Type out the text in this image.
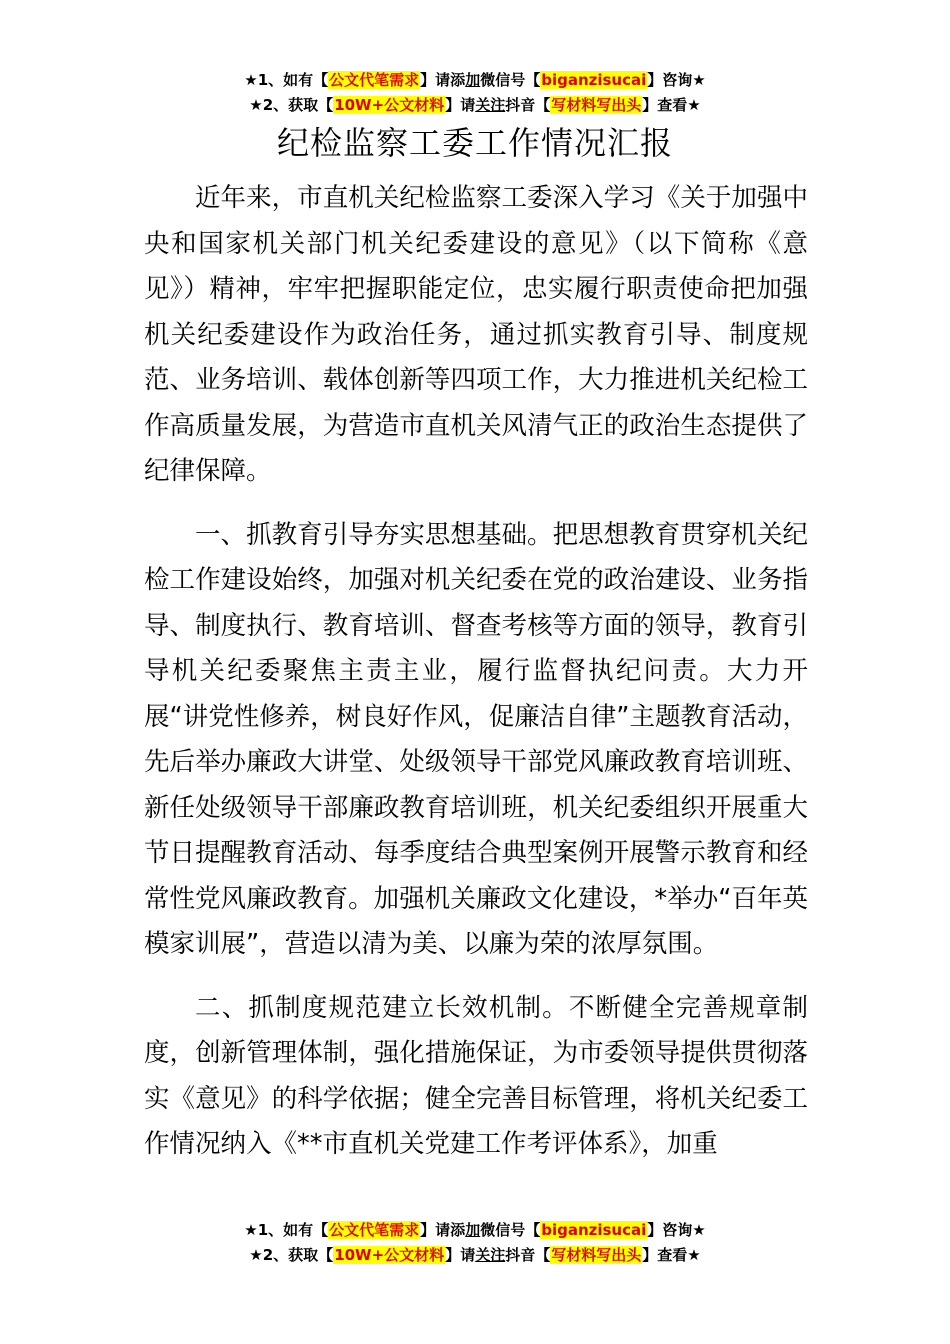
★1、如有【公文代笔需求】请添加微信号【biganzisucai】咨询★
★2、获取【10W+公文材料】请关注抖音【写材料写出头】查看★
纪检监察工委工作情况汇报

近年来，市直机关纪检监察工委深入学习《关于加强中央和国家机关部门机关纪委建设的意见》（以下简称《意见》）精神，牢牢把握职能定位，忠实履行职责使命把加强机关纪委建设作为政治任务，通过抓实教育引导、制度规范、业务培训、载体创新等四项工作，大力推进机关纪检工作高质量发展，为营造市直机关风清气正的政治生态提供了纪律保障。

一、抓教育引导夯实思想基础。把思想教育贯穿机关纪检工作建设始终，加强对机关纪委在党的政治建设、业务指导、制度执行、教育培训、督查考核等方面的领导，教育引导机关纪委聚焦主责主业，履行监督执纪问责。大力开展“讲党性修养，树良好作风，促廉洁自律”主题教育活动，先后举办廉政大讲堂、处级领导干部党风廉政教育培训班、新任处级领导干部廉政教育培训班，机关纪委组织开展重大节日提醒教育活动、每季度结合典型案例开展警示教育和经常性党风廉政教育。加强机关廉政文化建设，*举办“百年英模家训展”，营造以清为美、以廉为荣的浓厚氛围。

二、抓制度规范建立长效机制。不断健全完善规章制度，创新管理体制，强化措施保证，为市委领导提供贯彻落实《意见》的科学依据；健全完善目标管理，将机关纪委工作情况纳入《**市直机关党建工作考评体系》，加重

★1、如有【公文代笔需求】请添加微信号【biganzisucai】咨询★
★2、获取【10W+公文材料】请关注抖音【写材料写出头】查看★
